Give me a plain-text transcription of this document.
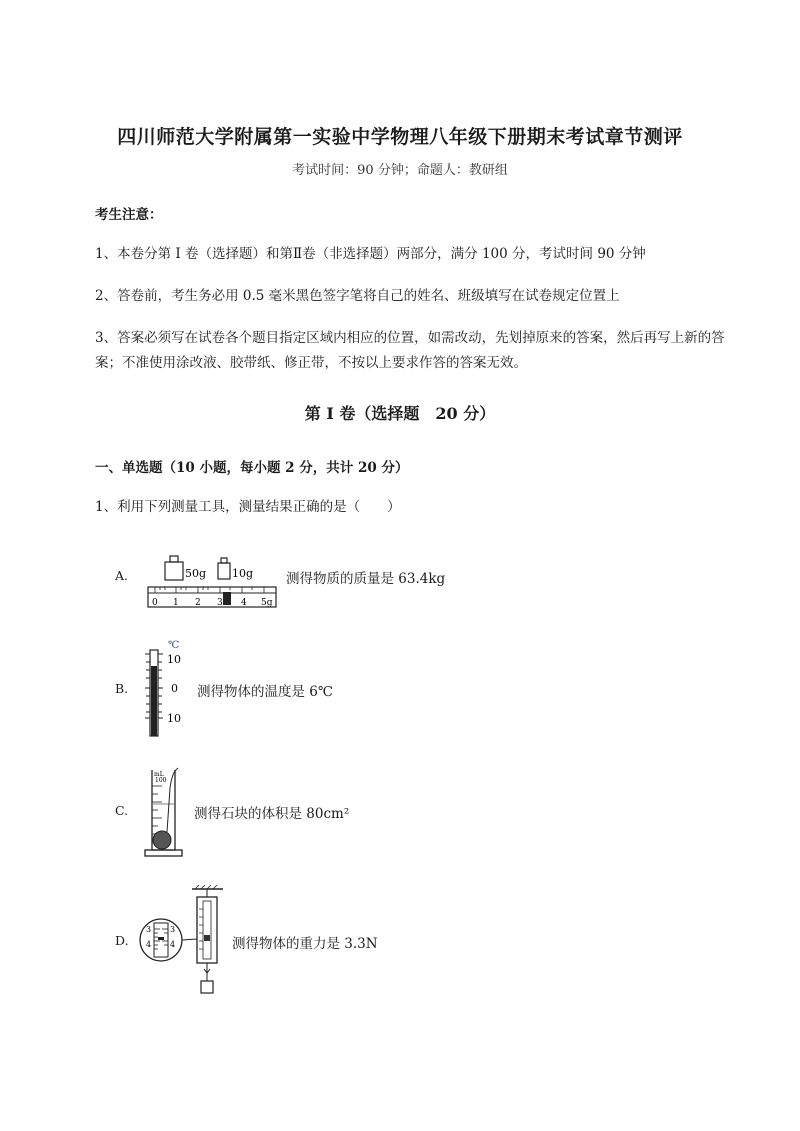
四川师范大学附属第一实验中学物理八年级下册期末考试章节测评
考试时间：90 分钟；命题人：教研组
考生注意：
1、本卷分第 I 卷（选择题）和第Ⅱ卷（非选择题）两部分，满分 100 分，考试时间 90 分钟
2、答卷前，考生务必用 0.5 毫米黑色签字笔将自己的姓名、班级填写在试卷规定位置上
3、答案必须写在试卷各个题目指定区域内相应的位置，如需改动，先划掉原来的答案，然后再写上新的答案；不准使用涂改液、胶带纸、修正带，不按以上要求作答的答案无效。
第 I 卷（选择题　20 分）
一、单选题（10 小题，每小题 2 分，共计 20 分）
1、利用下列测量工具，测量结果正确的是（　　）
A.	50g 10g
0 1 2 3 4 5g
测得物质的质量是 63.4kg
B.
℃
10
0
10
测得物体的温度是 6℃
C.
mL
100
测得石块的体积是 80cm²
D.
3
4
3
4	测得物体的重力是 3.3N
